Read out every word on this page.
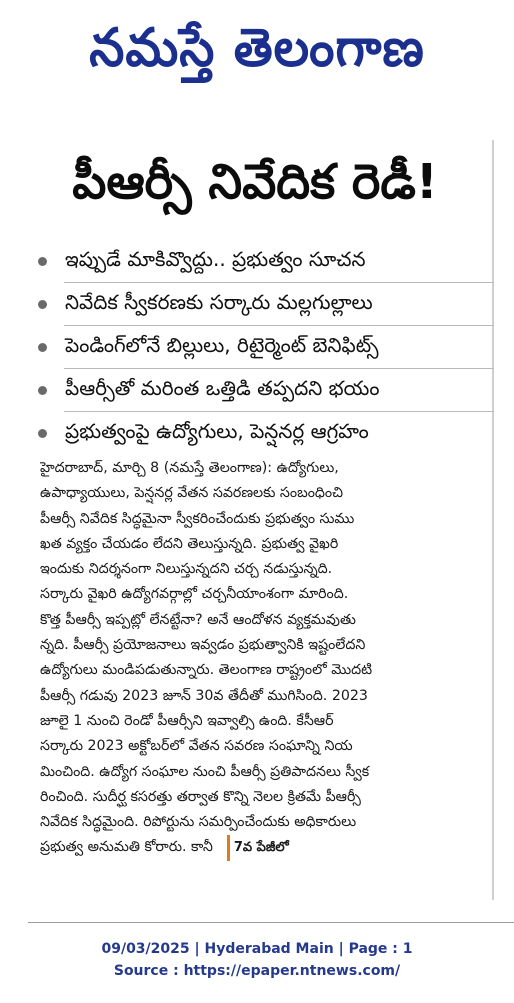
నమస్తే తెలంగాణ
పీఆర్సీ నివేదిక రెడీ!
ఇప్పుడే మాకివ్వొద్దు.. ప్రభుత్వం సూచన
నివేదిక స్వీకరణకు సర్కారు మల్లగుల్లాలు
పెండింగ్‌లోనే బిల్లులు, రిటైర్మెంట్ బెనిఫిట్స్
పీఆర్సీతో మరింత ఒత్తిడి తప్పదని భయం
ప్రభుత్వంపై ఉద్యోగులు, పెన్షనర్ల ఆగ్రహం
హైదరాబాద్, మార్చి 8 (నమస్తే తెలంగాణ): ఉద్యోగులు,
ఉపాధ్యాయులు, పెన్షనర్ల వేతన సవరణలకు సంబంధించి
పీఆర్సీ నివేదిక సిద్ధమైనా స్వీకరించేందుకు ప్రభుత్వం సుము
ఖత వ్యక్తం చేయడం లేదని తెలుస్తున్నది. ప్రభుత్వ వైఖరి
ఇందుకు నిదర్శనంగా నిలుస్తున్నదని చర్చ నడుస్తున్నది.
సర్కారు వైఖరి ఉద్యోగవర్గాల్లో చర్చనీయాంశంగా మారింది.
కొత్త పీఆర్సీ ఇప్పట్లో లేనట్టేనా? అనే ఆందోళన వ్యక్తమవుతు
న్నది. పీఆర్సీ ప్రయోజనాలు ఇవ్వడం ప్రభుత్వానికి ఇష్టంలేదని
ఉద్యోగులు మండిపడుతున్నారు. తెలంగాణ రాష్ట్రంలో మొదటి
పీఆర్సీ గడువు 2023 జూన్ 30వ తేదీతో ముగిసింది. 2023
జూలై 1 నుంచి రెండో పీఆర్సీని ఇవ్వాల్సి ఉంది. కేసీఆర్
సర్కారు 2023 అక్టోబర్‌లో వేతన సవరణ సంఘాన్ని నియ
మించింది. ఉద్యోగ సంఘాల నుంచి పీఆర్సీ ప్రతిపాదనలు స్వీక
రించింది. సుదీర్ఘ కసరత్తు తర్వాత కొన్ని నెలల క్రితమే పీఆర్సీ
నివేదిక సిద్ధమైంది. రిపోర్టును సమర్పించేందుకు అధికారులు
ప్రభుత్వ అనుమతి కోరారు. కానీ 7వ పేజీలో
09/03/2025 | Hyderabad Main | Page : 1
Source : https://epaper.ntnews.com/
